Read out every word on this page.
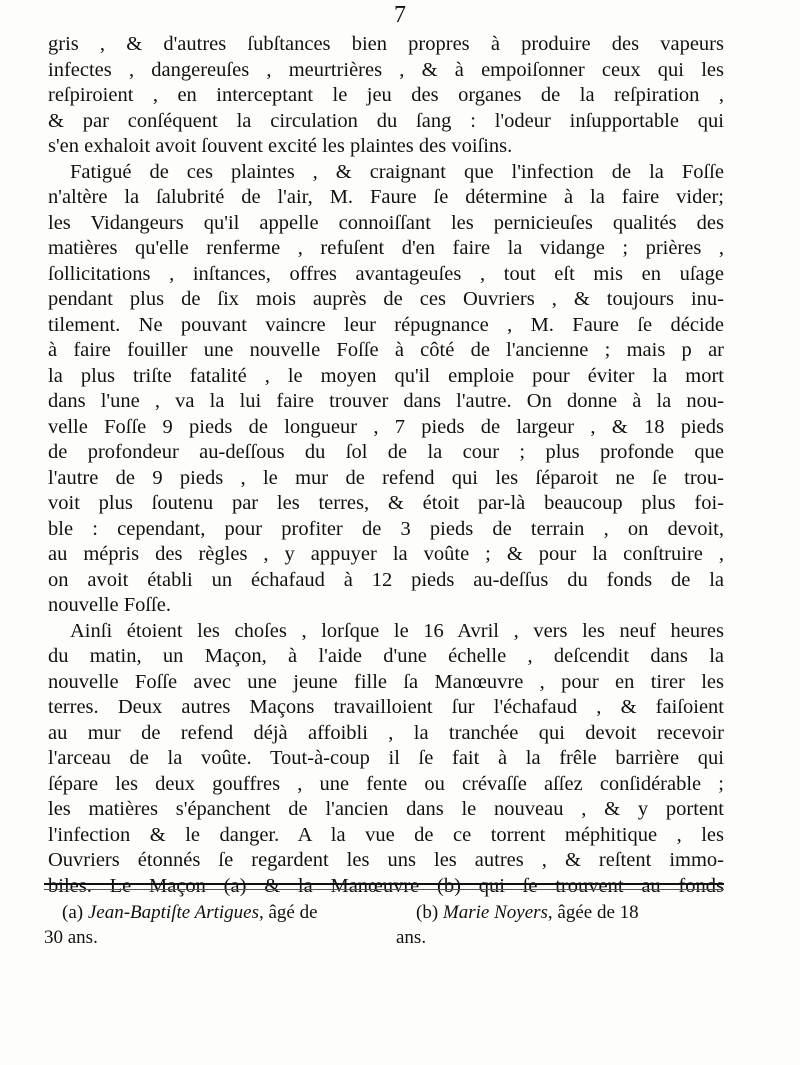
7
gris , & d'autres ſubſtances bien propres à produire des vapeurs
infectes , dangereuſes , meurtrières , & à empoiſonner ceux qui les
reſpiroient , en interceptant le jeu des organes de la reſpiration ,
& par conſéquent la circulation du ſang : l'odeur inſupportable qui
s'en exhaloit avoit ſouvent excité les plaintes des voiſins.
Fatigué de ces plaintes , & craignant que l'infection de la Foſſe
n'altère la ſalubrité de l'air, M. Faure ſe détermine à la faire vider;
les Vidangeurs qu'il appelle connoiſſant les pernicieuſes qualités des
matières qu'elle renferme , refuſent d'en faire la vidange ; prières ,
ſollicitations , inſtances, offres avantageuſes , tout eſt mis en uſage
pendant plus de ſix mois auprès de ces Ouvriers , & toujours inu-
tilement. Ne pouvant vaincre leur répugnance , M. Faure ſe décide
à faire fouiller une nouvelle Foſſe à côté de l'ancienne ; mais p ar
la plus triſte fatalité , le moyen qu'il emploie pour éviter la mort
dans l'une , va la lui faire trouver dans l'autre. On donne à la nou-
velle Foſſe 9 pieds de longueur , 7 pieds de largeur , & 18 pieds
de profondeur au-deſſous du ſol de la cour ; plus profonde que
l'autre de 9 pieds , le mur de refend qui les ſéparoit ne ſe trou-
voit plus ſoutenu par les terres, & étoit par-là beaucoup plus foi-
ble : cependant, pour profiter de 3 pieds de terrain , on devoit,
au mépris des règles , y appuyer la voûte ; & pour la conſtruire ,
on avoit établi un échafaud à 12 pieds au-deſſus du fonds de la
nouvelle Foſſe.
Ainſi étoient les choſes , lorſque le 16 Avril , vers les neuf heures
du matin, un Maçon, à l'aide d'une échelle , deſcendit dans la
nouvelle Foſſe avec une jeune fille ſa Manœuvre , pour en tirer les
terres. Deux autres Maçons travailloient ſur l'échafaud , & faiſoient
au mur de refend déjà affoibli , la tranchée qui devoit recevoir
l'arceau de la voûte. Tout-à-coup il ſe fait à la frêle barrière qui
ſépare les deux gouffres , une fente ou crévaſſe aſſez conſidérable ;
les matières s'épanchent de l'ancien dans le nouveau , & y portent
l'infection & le danger. A la vue de ce torrent méphitique , les
Ouvriers étonnés ſe regardent les uns les autres , & reſtent immo-
biles. Le Maçon (a) & la Manœuvre (b) qui ſe trouvent au fonds
(a) Jean-Baptiſte Artigues, âgé de
30 ans.
(b) Marie Noyers, âgée de 18
ans.
